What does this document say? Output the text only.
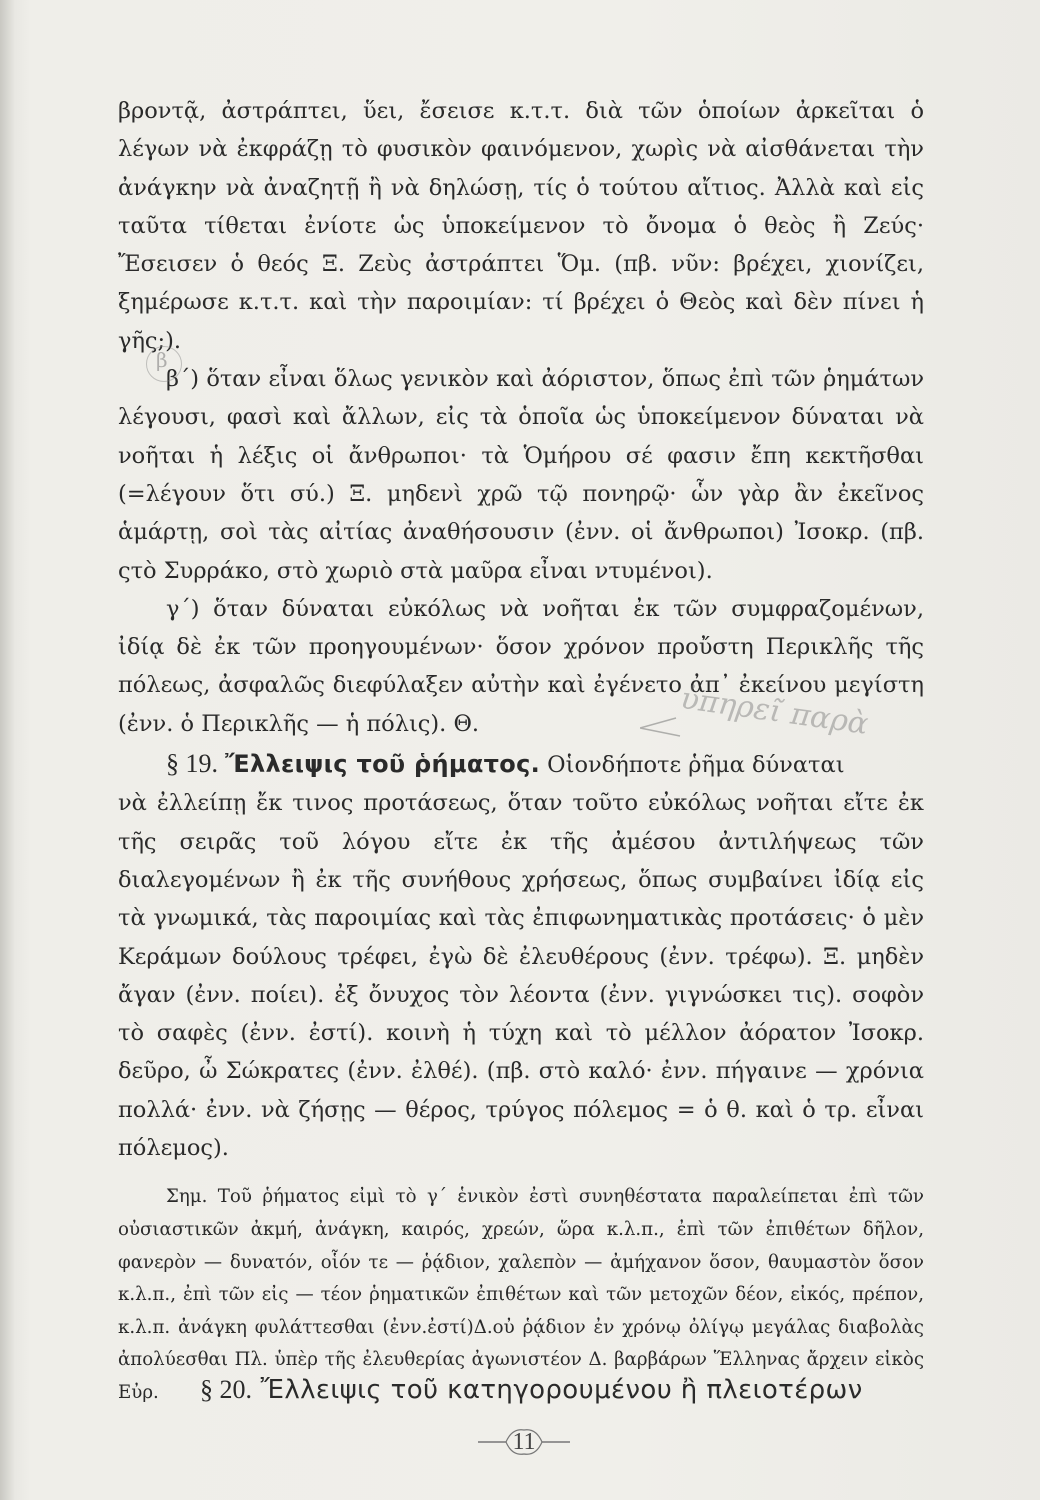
βροντᾷ, ἀστράπτει, ὕει, ἔσεισε κ.τ.τ. διὰ τῶν ὁποίων ἀρκεῖται ὁ λέγων νὰ ἐκφράζῃ τὸ φυσικὸν φαινόμενον, χωρὶς νὰ αἰσθάνεται τὴν ἀνάγκην νὰ ἀναζητῇ ἢ νὰ δηλώσῃ, τίς ὁ τούτου αἴτιος. Ἀλλὰ καὶ εἰς ταῦτα τίθεται ἐνίοτε ὡς ὑποκείμενον τὸ ὄνομα ὁ θεὸς ἢ Ζεύς· Ἔσεισεν ὁ θεός Ξ. Ζεὺς ἀστράπτει Ὅμ. (πβ. νῦν: βρέχει, χιονίζει, ξημέρωσε κ.τ.τ. καὶ τὴν παροιμίαν: τί βρέχει ὁ Θεὸς καὶ δὲν πίνει ἡ γῆς;).

β΄) ὅταν εἶναι ὅλως γενικὸν καὶ ἀόριστον, ὅπως ἐπὶ τῶν ῥημάτων λέγουσι, φασὶ καὶ ἄλλων, εἰς τὰ ὁποῖα ὡς ὑποκείμενον δύναται νὰ νοῆται ἡ λέξις οἱ ἄνθρωποι· τὰ Ὁμήρου σέ φασιν ἔπη κεκτῆσθαι (=λέγουν ὅτι σύ.) Ξ. μηδενὶ χρῶ τῷ πονηρῷ· ὧν γὰρ ἂν ἐκεῖνος ἁμάρτῃ, σοὶ τὰς αἰτίας ἀναθήσουσιν (ἐνν. οἱ ἄνθρωποι) Ἰσοκρ. (πβ. ςτὸ Συρράκο, στὸ χωριὸ στὰ μαῦρα εἶναι ντυμένοι).

γ΄) ὅταν δύναται εὐκόλως νὰ νοῆται ἐκ τῶν συμφραζομένων, ἰδίᾳ δὲ ἐκ τῶν προηγουμένων· ὅσον χρόνον προὔστη Περικλῆς τῆς πόλεως, ἀσφαλῶς διεφύλαξεν αὐτὴν καὶ ἐγένετο ἀπ᾽ ἐκείνου μεγίστη (ἐνν. ὁ Περικλῆς — ἡ πόλις). Θ.

§ 19. Ἔλλειψις τοῦ ῥήματος. Οἱονδήποτε ῥῆμα δύναται

νὰ ἐλλείπῃ ἔκ τινος προτάσεως, ὅταν τοῦτο εὐκόλως νοῆται εἴτε ἐκ τῆς σειρᾶς τοῦ λόγου εἴτε ἐκ τῆς ἀμέσου ἀντιλήψεως τῶν διαλεγομένων ἢ ἐκ τῆς συνήθους χρήσεως, ὅπως συμβαίνει ἰδίᾳ εἰς τὰ γνωμικά, τὰς παροιμίας καὶ τὰς ἐπιφωνηματικὰς προτάσεις· ὁ μὲν Κεράμων δούλους τρέφει, ἐγὼ δὲ ἐλευθέρους (ἐνν. τρέφω). Ξ. μηδὲν ἄγαν (ἐνν. ποίει). ἐξ ὄνυχος τὸν λέοντα (ἐνν. γιγνώσκει τις). σοφὸν τὸ σαφὲς (ἐνν. ἐστί). κοινὴ ἡ τύχη καὶ τὸ μέλλον ἀόρατον Ἰσοκρ. δεῦρο, ὦ Σώκρατες (ἐνν. ἐλθέ). (πβ. στὸ καλό· ἐνν. πήγαινε — χρόνια πολλά· ἐνν. νὰ ζήσῃς — θέρος, τρύγος πόλεμος = ὁ θ. καὶ ὁ τρ. εἶναι πόλεμος).

Σημ. Τοῦ ῥήματος εἰμὶ τὸ γ΄ ἑνικὸν ἐστὶ συνηθέστατα παραλείπεται ἐπὶ τῶν οὐσιαστικῶν ἀκμή, ἀνάγκη, καιρός, χρεών, ὥρα κ.λ.π., ἐπὶ τῶν ἐπιθέτων δῆλον, φανερὸν — δυνατόν, οἷόν τε — ῥᾴδιον, χαλεπὸν — ἀμήχανον ὅσον, θαυμαστὸν ὅσον κ.λ.π., ἐπὶ τῶν εἰς — τέον ῥηματικῶν ἐπιθέτων καὶ τῶν μετοχῶν δέον, εἰκός, πρέπον, κ.λ.π. ἀνάγκη φυλάττεσθαι (ἐνν.ἐστί)Δ.οὐ ῥᾴδιον ἐν χρόνῳ ὀλίγῳ μεγάλας διαβολὰς ἀπολύεσθαι Πλ. ὑπὲρ τῆς ἐλευθερίας ἀγωνιστέον Δ. βαρβάρων Ἕλληνας ἄρχειν εἰκὸς Εὐρ.	§ 20. Ἔλλειψις τοῦ κατηγορουμένου ἢ πλειοτέρων
11
β
ὑπηρεῖ παρὰ
